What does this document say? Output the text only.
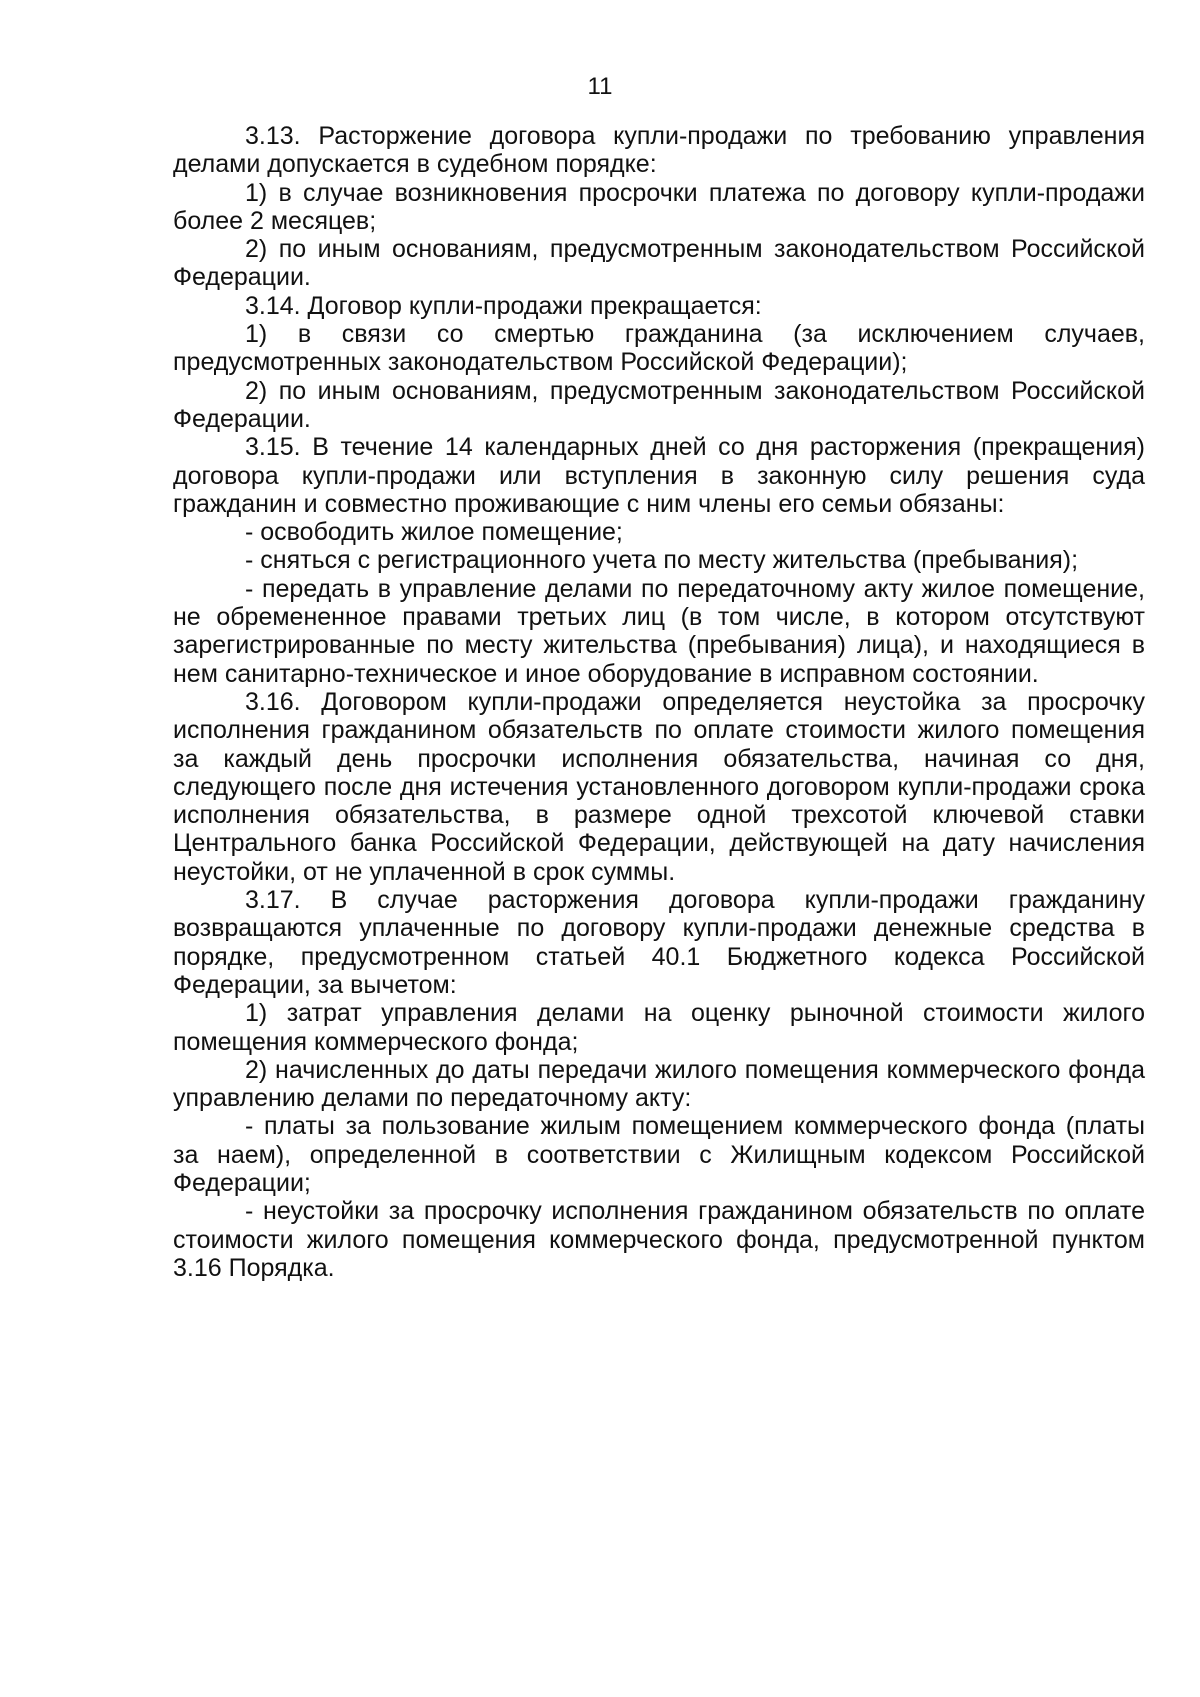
11

3.13. Расторжение договора купли-продажи по требованию управления делами допускается в судебном порядке:

1) в случае возникновения просрочки платежа по договору купли-продажи более 2 месяцев;

2) по иным основаниям, предусмотренным законодательством Российской Федерации.

3.14. Договор купли-продажи прекращается:

1) в связи со смертью гражданина (за исключением случаев, предусмотренных законодательством Российской Федерации);

2) по иным основаниям, предусмотренным законодательством Российской Федерации.

3.15. В течение 14 календарных дней со дня расторжения (прекращения) договора купли-продажи или вступления в законную силу решения суда гражданин и совместно проживающие с ним члены его семьи обязаны:

- освободить жилое помещение;

- сняться с регистрационного учета по месту жительства (пребывания);

- передать в управление делами по передаточному акту жилое помещение, не обремененное правами третьих лиц (в том числе, в котором отсутствуют зарегистрированные по месту жительства (пребывания) лица), и находящиеся в нем санитарно-техническое и иное оборудование в исправном состоянии.

3.16. Договором купли-продажи определяется неустойка за просрочку исполнения гражданином обязательств по оплате стоимости жилого помещения за каждый день просрочки исполнения обязательства, начиная со дня, следующего после дня истечения установленного договором купли-продажи срока исполнения обязательства, в размере одной трехсотой ключевой ставки Центрального банка Российской Федерации, действующей на дату начисления неустойки, от не уплаченной в срок суммы.

3.17. В случае расторжения договора купли-продажи гражданину возвращаются уплаченные по договору купли-продажи денежные средства в порядке, предусмотренном статьей 40.1 Бюджетного кодекса Российской Федерации, за вычетом:

1) затрат управления делами на оценку рыночной стоимости жилого помещения коммерческого фонда;

2) начисленных до даты передачи жилого помещения коммерческого фонда управлению делами по передаточному акту:

- платы за пользование жилым помещением коммерческого фонда (платы за наем), определенной в соответствии с Жилищным кодексом Российской Федерации;

- неустойки за просрочку исполнения гражданином обязательств по оплате стоимости жилого помещения коммерческого фонда, предусмотренной пунктом 3.16 Порядка.
